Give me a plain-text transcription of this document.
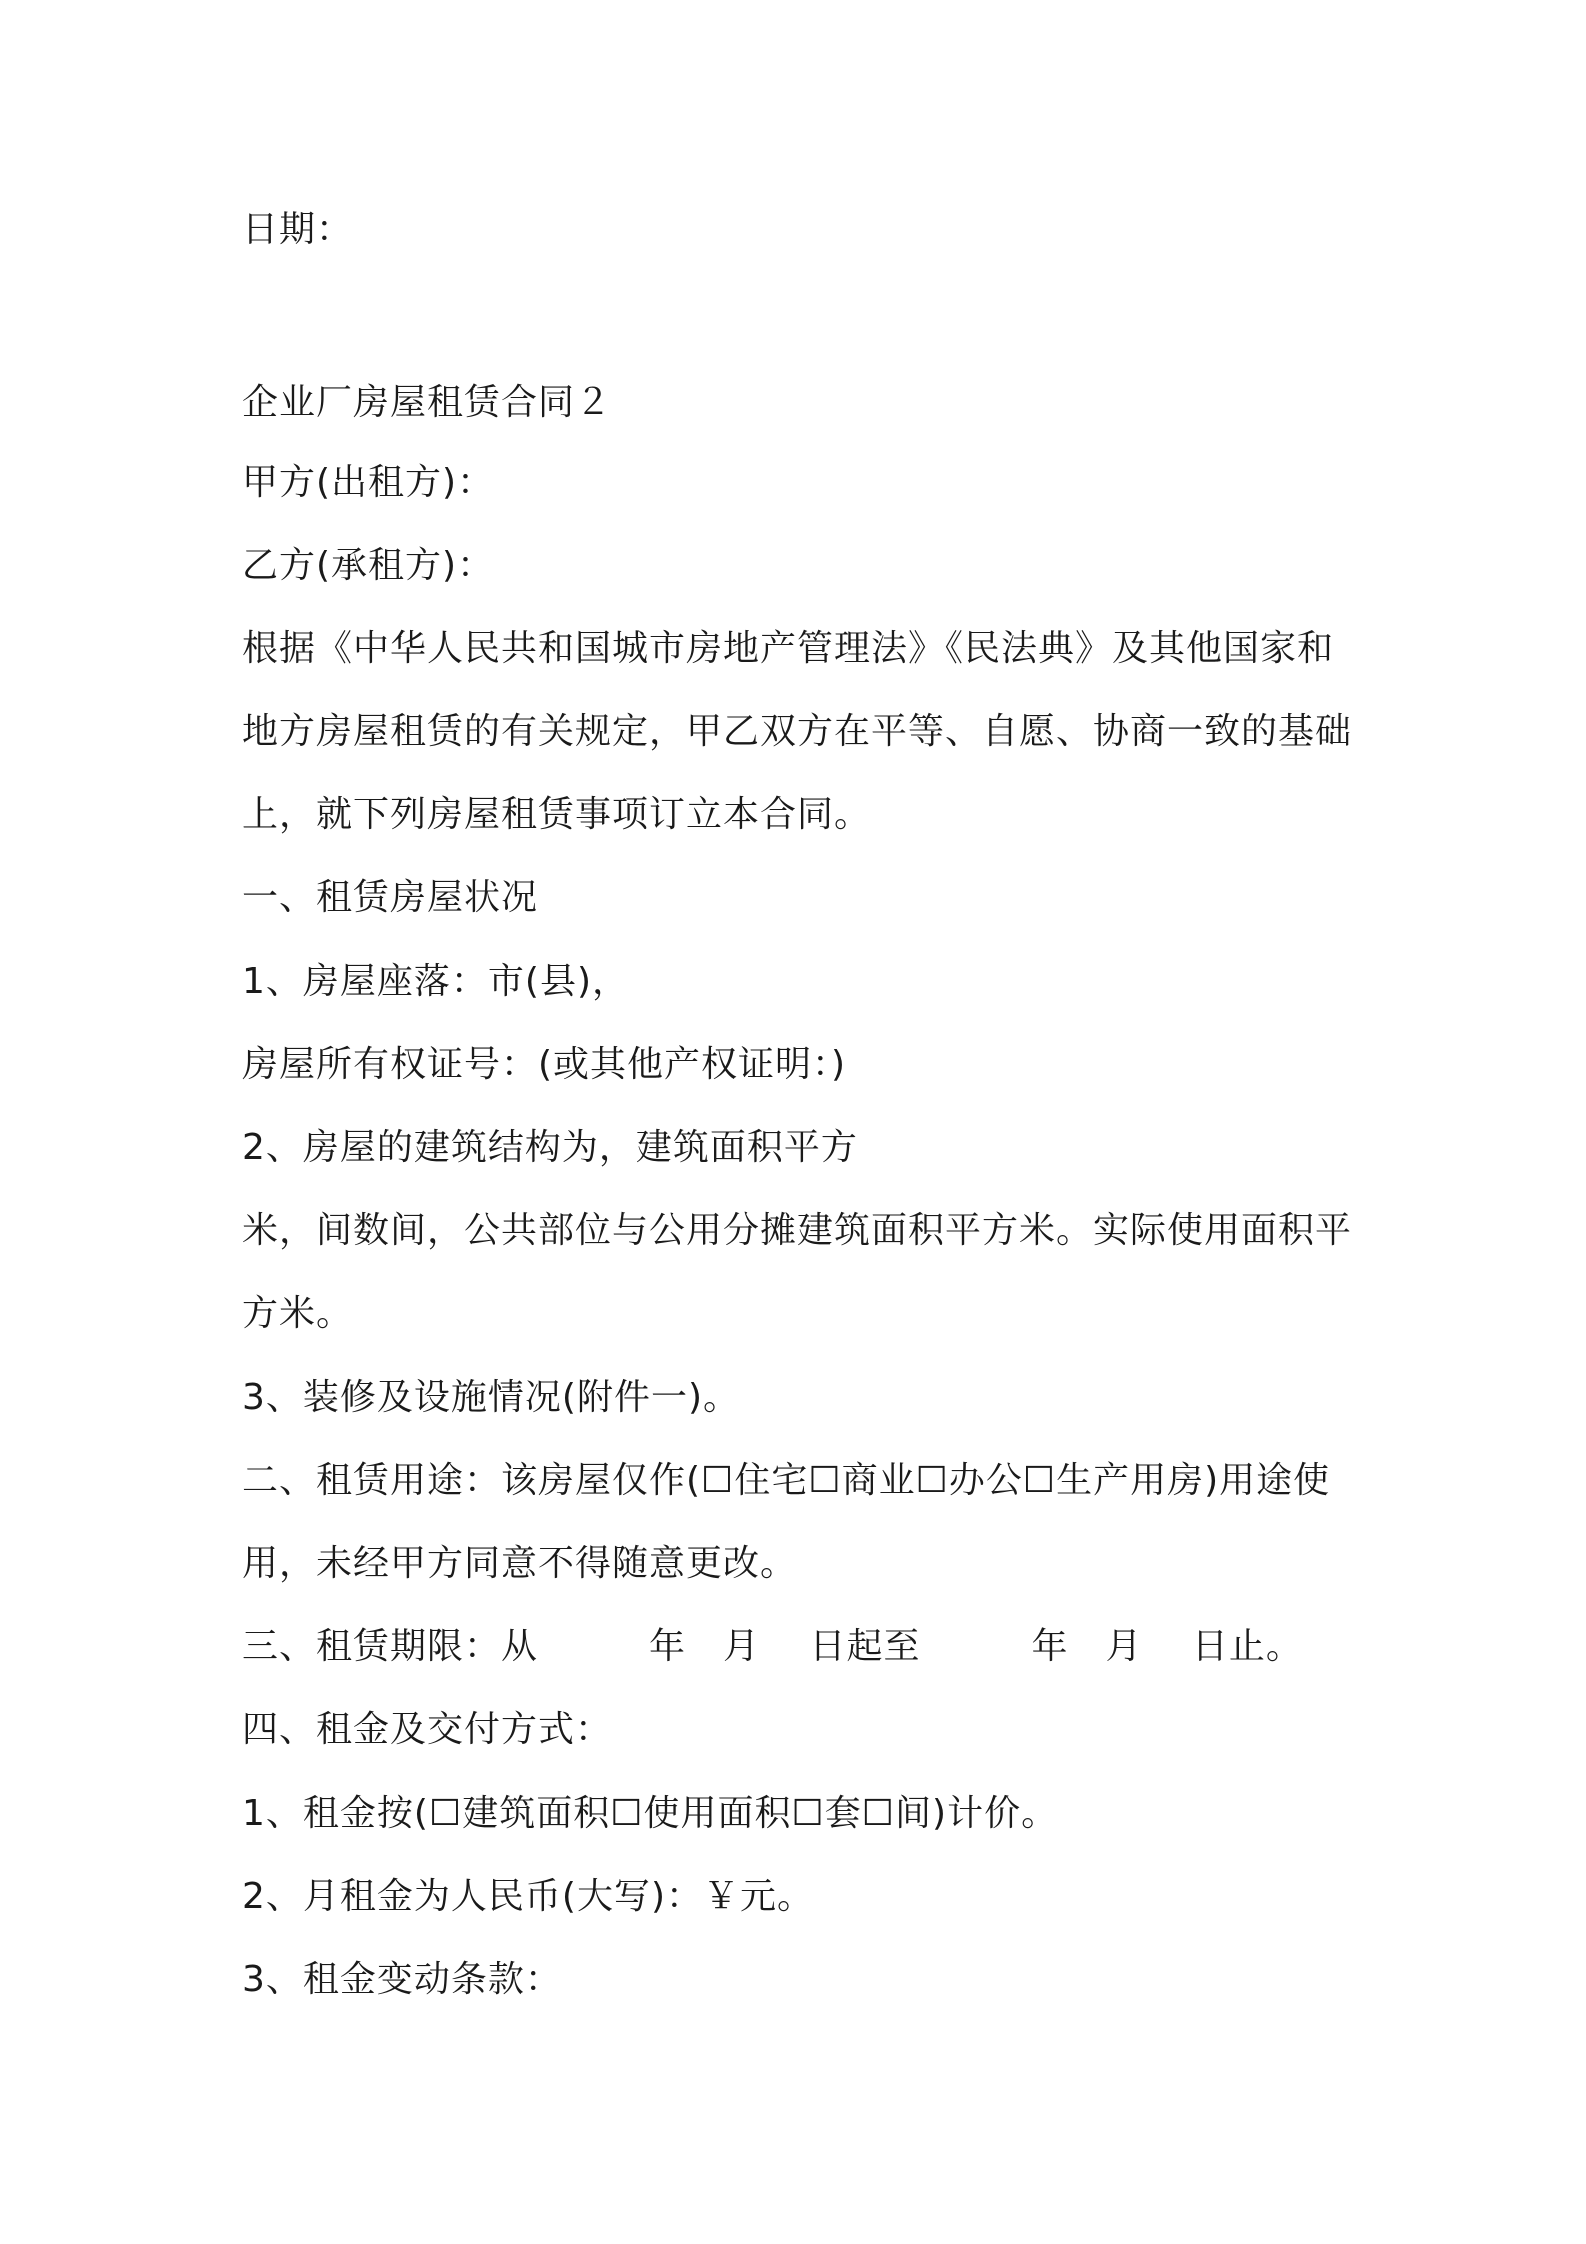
日期：
企业厂房屋租赁合同２
甲方(出租方)：
乙方(承租方)：
根据《中华人民共和国城市房地产管理法》《民法典》及其他国家和
地方房屋租赁的有关规定，甲乙双方在平等、自愿、协商一致的基础
上，就下列房屋租赁事项订立本合同。
一、租赁房屋状况
1、房屋座落：市(县)，
房屋所有权证号：(或其他产权证明：)
2、房屋的建筑结构为，建筑面积平方
米，间数间，公共部位与公用分摊建筑面积平方米。实际使用面积平
方米。
3、装修及设施情况(附件一)。
二、租赁用途：该房屋仅作(☐住宅☐商业☐办公☐生产用房)用途使
用，未经甲方同意不得随意更改。
三、租赁期限：从　　　年　月　 日起至　　　年　月　 日止。
四、租金及交付方式：
1、租金按(☐建筑面积☐使用面积☐套☐间)计价。
2、月租金为人民币(大写)：￥元。
3、租金变动条款：
